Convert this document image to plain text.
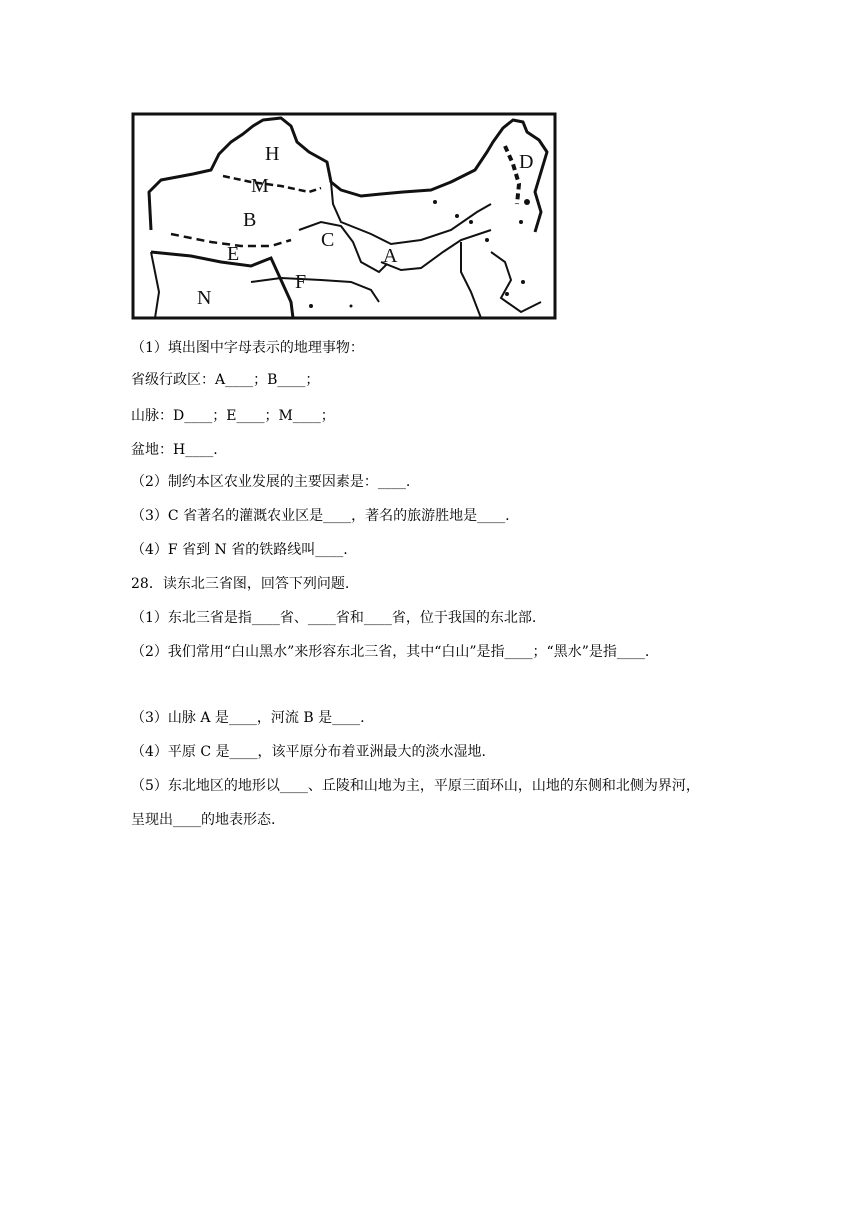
H
M
B
E
C
A
F
N
D
（1）填出图中字母表示的地理事物：
省级行政区：A____；B____；
山脉：D____；E____；M____；
盆地：H____.
（2）制约本区农业发展的主要因素是：____.
（3）C 省著名的灌溉农业区是____，著名的旅游胜地是____.
（4）F 省到 N 省的铁路线叫____.
28．读东北三省图，回答下列问题.
（1）东北三省是指____省、____省和____省，位于我国的东北部.
（2）我们常用“白山黑水”来形容东北三省，其中“白山”是指____；“黑水”是指____.
（3）山脉 A 是____，河流 B 是____.
（4）平原 C 是____，该平原分布着亚洲最大的淡水湿地.
（5）东北地区的地形以____、丘陵和山地为主，平原三面环山，山地的东侧和北侧为界河，
呈现出____的地表形态.
